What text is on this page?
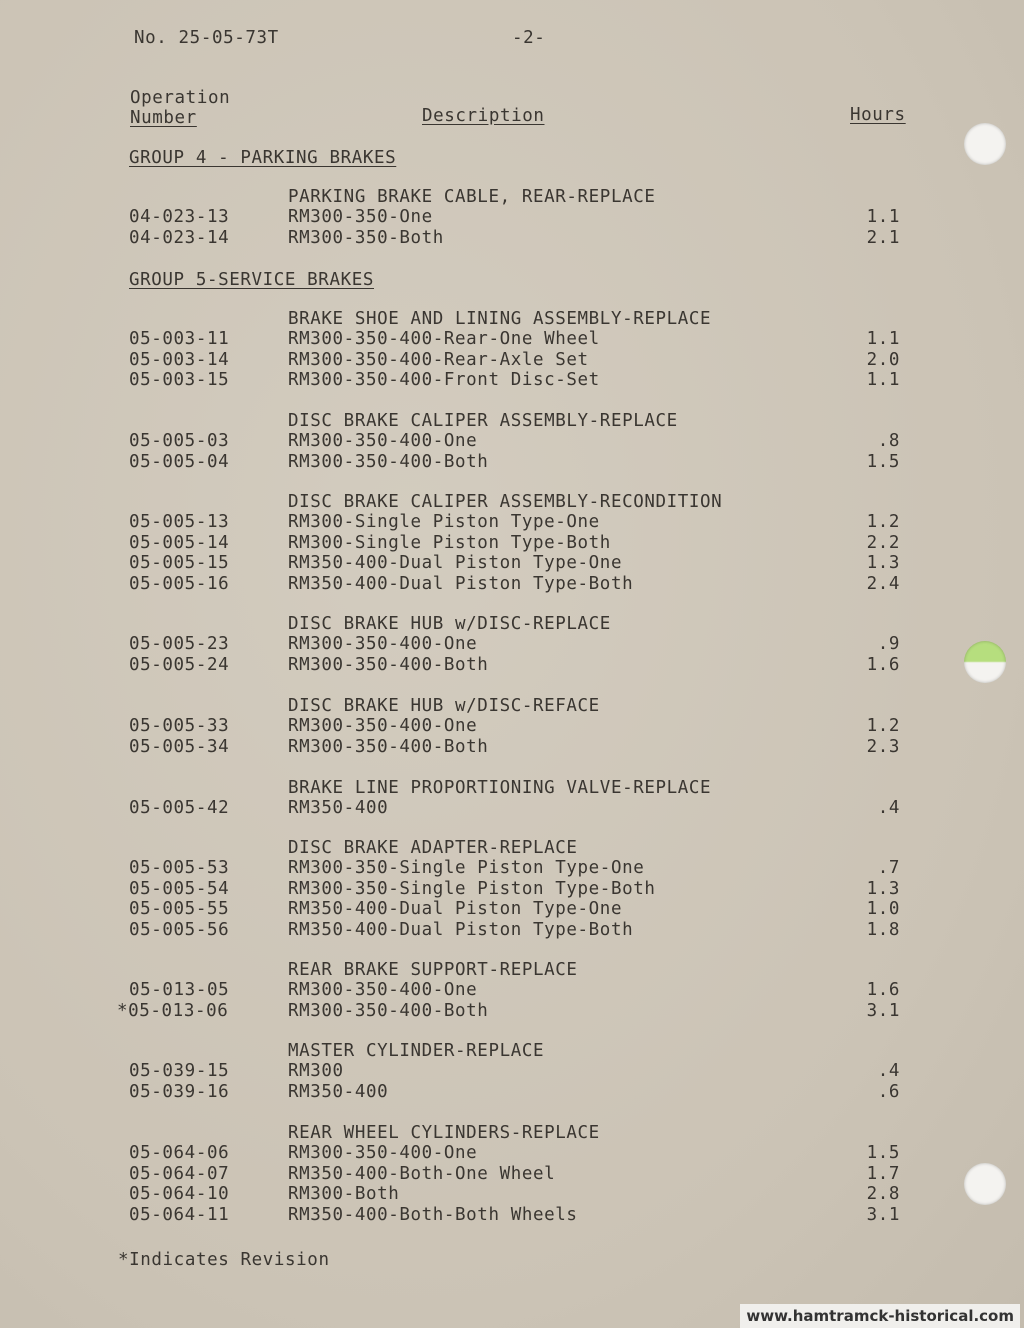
No. 25-05-73T	-2-
Operation
Number	Description	Hours
GROUP 4 - PARKING BRAKES
PARKING BRAKE CABLE, REAR-REPLACE
04-023-13	RM300-350-One	1.1
04-023-14	RM300-350-Both	2.1
GROUP 5-SERVICE BRAKES
BRAKE SHOE AND LINING ASSEMBLY-REPLACE
05-003-11	RM300-350-400-Rear-One Wheel	1.1
05-003-14	RM300-350-400-Rear-Axle Set	2.0
05-003-15	RM300-350-400-Front Disc-Set	1.1
DISC BRAKE CALIPER ASSEMBLY-REPLACE
05-005-03	RM300-350-400-One	.8
05-005-04	RM300-350-400-Both	1.5
DISC BRAKE CALIPER ASSEMBLY-RECONDITION
05-005-13	RM300-Single Piston Type-One	1.2
05-005-14	RM300-Single Piston Type-Both	2.2
05-005-15	RM350-400-Dual Piston Type-One	1.3
05-005-16	RM350-400-Dual Piston Type-Both	2.4
DISC BRAKE HUB w/DISC-REPLACE
05-005-23	RM300-350-400-One	.9
05-005-24	RM300-350-400-Both	1.6
DISC BRAKE HUB w/DISC-REFACE
05-005-33	RM300-350-400-One	1.2
05-005-34	RM300-350-400-Both	2.3
BRAKE LINE PROPORTIONING VALVE-REPLACE
05-005-42	RM350-400	.4
DISC BRAKE ADAPTER-REPLACE
05-005-53	RM300-350-Single Piston Type-One	.7
05-005-54	RM300-350-Single Piston Type-Both	1.3
05-005-55	RM350-400-Dual Piston Type-One	1.0
05-005-56	RM350-400-Dual Piston Type-Both	1.8
REAR BRAKE SUPPORT-REPLACE
05-013-05	RM300-350-400-One	1.6
*05-013-06	RM300-350-400-Both	3.1
MASTER CYLINDER-REPLACE
05-039-15	RM300	.4
05-039-16	RM350-400	.6
REAR WHEEL CYLINDERS-REPLACE
05-064-06	RM300-350-400-One	1.5
05-064-07	RM350-400-Both-One Wheel	1.7
05-064-10	RM300-Both	2.8
05-064-11	RM350-400-Both-Both Wheels	3.1
*Indicates Revision
www.hamtramck-historical.com
